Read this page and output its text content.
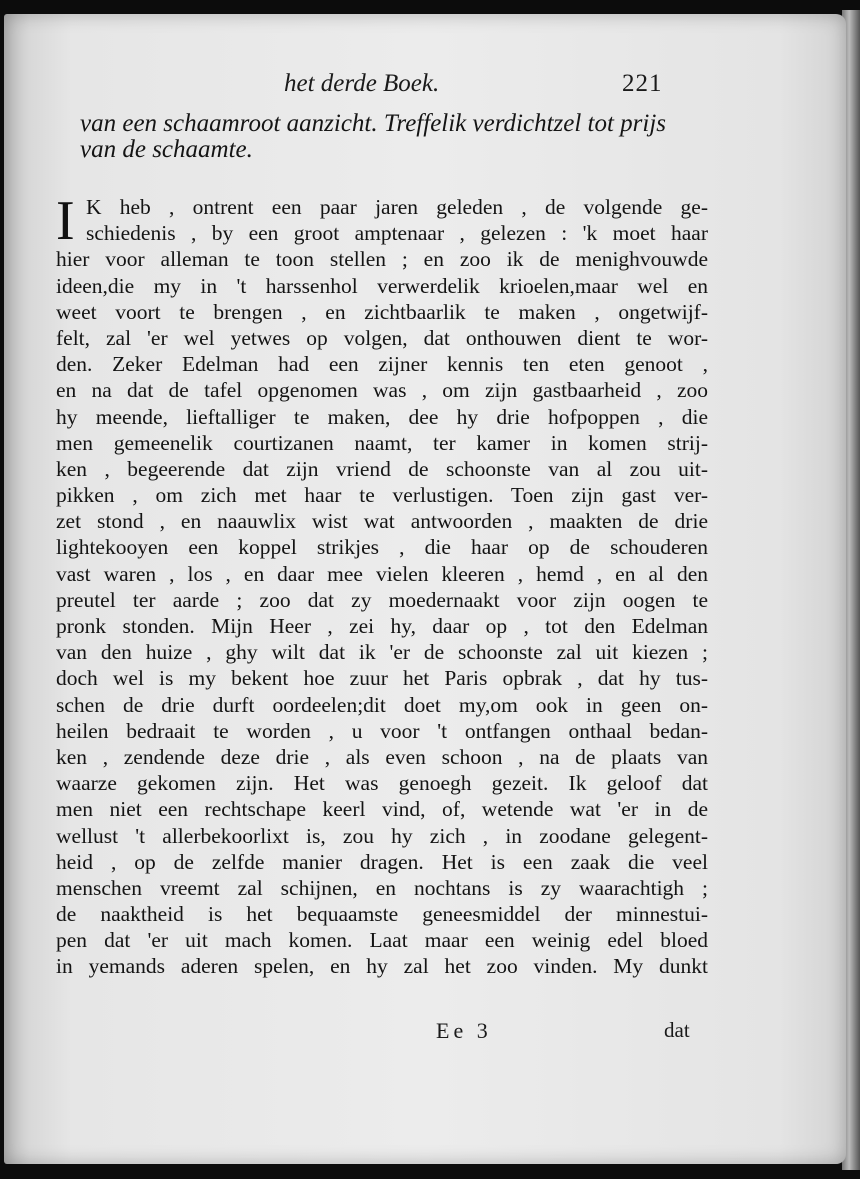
het derde Boek.	221
van een schaamroot aanzicht. Treffelik verdichtzel tot prijs
van de schaamte.
I K heb , ontrent een paar jaren geleden , de volgende ge-
schiedenis , by een groot amptenaar , gelezen : 'k moet haar
hier voor alleman te toon stellen ; en zoo ik de menighvouwde
ideen,die my in 't harssenhol verwerdelik krioelen,maar wel en
weet voort te brengen , en zichtbaarlik te maken , ongetwijf-
felt, zal 'er wel yetwes op volgen, dat onthouwen dient te wor-
den. Zeker Edelman had een zijner kennis ten eten genoot ,
en na dat de tafel opgenomen was , om zijn gastbaarheid , zoo
hy meende, lieftalliger te maken, dee hy drie hofpoppen , die
men gemeenelik courtizanen naamt, ter kamer in komen strij-
ken , begeerende dat zijn vriend de schoonste van al zou uit-
pikken , om zich met haar te verlustigen. Toen zijn gast ver-
zet stond , en naauwlix wist wat antwoorden , maakten de drie
lightekooyen een koppel strikjes , die haar op de schouderen
vast waren , los , en daar mee vielen kleeren , hemd , en al den
preutel ter aarde ; zoo dat zy moedernaakt voor zijn oogen te
pronk stonden. Mijn Heer , zei hy, daar op , tot den Edelman
van den huize , ghy wilt dat ik 'er de schoonste zal uit kiezen ;
doch wel is my bekent hoe zuur het Paris opbrak , dat hy tus-
schen de drie durft oordeelen;dit doet my,om ook in geen on-
heilen bedraait te worden , u voor 't ontfangen onthaal bedan-
ken , zendende deze drie , als even schoon , na de plaats van
waarze gekomen zijn. Het was genoegh gezeit. Ik geloof dat
men niet een rechtschape keerl vind, of, wetende wat 'er in de
wellust 't allerbekoorlixt is, zou hy zich , in zoodane gelegent-
heid , op de zelfde manier dragen. Het is een zaak die veel
menschen vreemt zal schijnen, en nochtans is zy waarachtigh ;
de naaktheid is het bequaamste geneesmiddel der minnestui-
pen dat 'er uit mach komen. Laat maar een weinig edel bloed
in yemands aderen spelen, en hy zal het zoo vinden. My dunkt
Ee 3	dat
